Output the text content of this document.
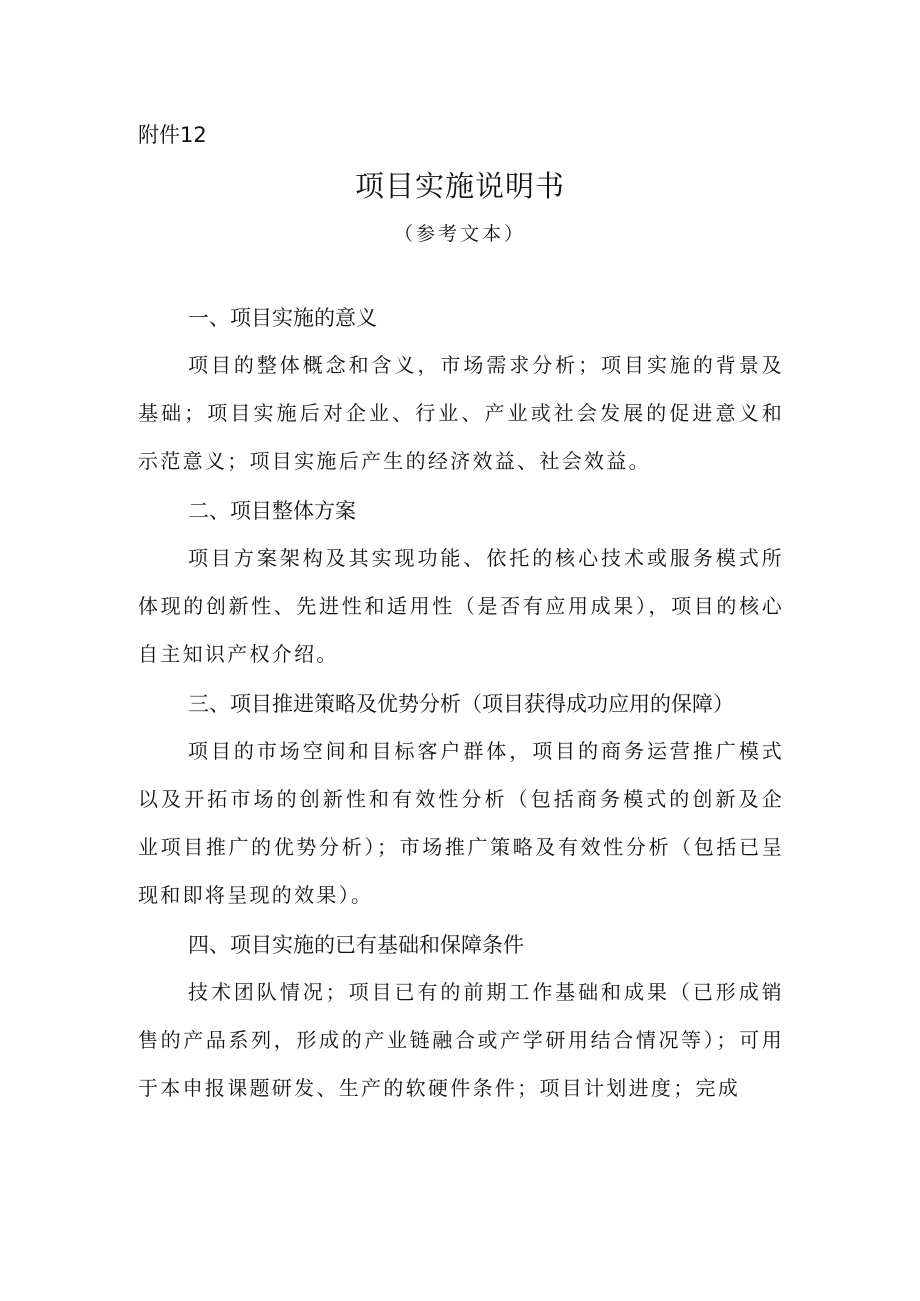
附件12
项目实施说明书
（参考文本）
一、项目实施的意义
项目的整体概念和含义，市场需求分析；项目实施的背景及基础；项目实施后对企业、行业、产业或社会发展的促进意义和示范意义；项目实施后产生的经济效益、社会效益。
二、项目整体方案
项目方案架构及其实现功能、依托的核心技术或服务模式所体现的创新性、先进性和适用性（是否有应用成果），项目的核心自主知识产权介绍。
三、项目推进策略及优势分析（项目获得成功应用的保障）
项目的市场空间和目标客户群体，项目的商务运营推广模式以及开拓市场的创新性和有效性分析（包括商务模式的创新及企业项目推广的优势分析）；市场推广策略及有效性分析（包括已呈现和即将呈现的效果）。
四、项目实施的已有基础和保障条件
技术团队情况；项目已有的前期工作基础和成果（已形成销售的产品系列，形成的产业链融合或产学研用结合情况等）；可用于本申报课题研发、生产的软硬件条件；项目计划进度；完成
